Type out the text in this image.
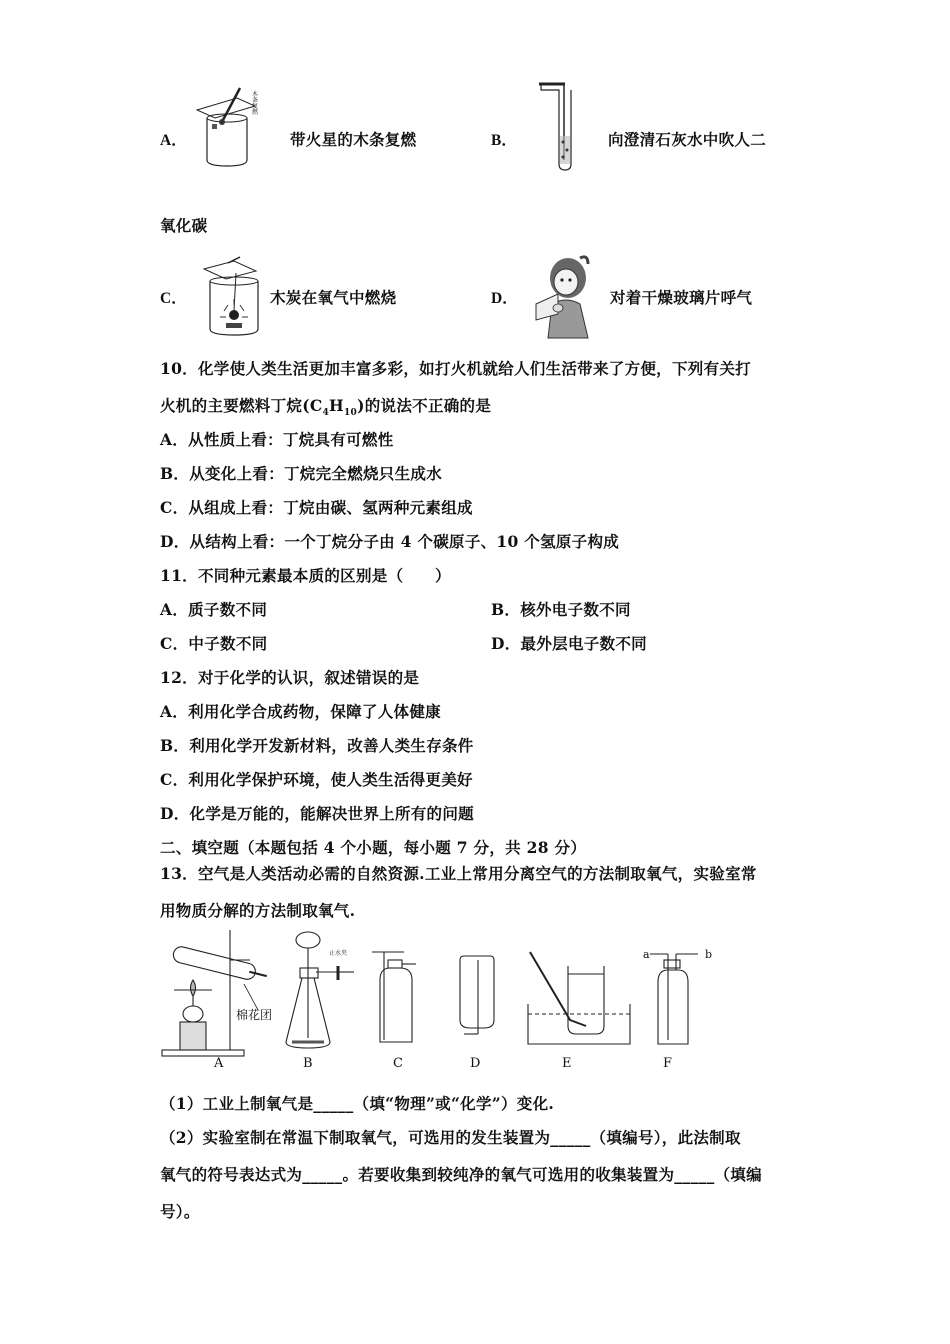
A．
木条复燃
带火星的木条复燃	B．	向澄清石灰水中吹人二
氧化碳
C．	木炭在氧气中燃烧	D．	对着干燥玻璃片呼气
10．化学使人类生活更加丰富多彩，如打火机就给人们生活带来了方便，下列有关打
火机的主要燃料丁烷$(C_4H_{10})$的说法不正确的是
A．从性质上看：丁烷具有可燃性
B．从变化上看：丁烷完全燃烧只生成水
C．从组成上看：丁烷由碳、氢两种元素组成
D．从结构上看：一个丁烷分子由 4 个碳原子、10 个氢原子构成
11．不同种元素最本质的区别是（　　）
A．质子数不同	B．核外电子数不同
C．中子数不同	D．最外层电子数不同
12．对于化学的认识，叙述错误的是
A．利用化学合成药物，保障了人体健康
B．利用化学开发新材料，改善人类生存条件
C．利用化学保护环境，使人类生活得更美好
D．化学是万能的，能解决世界上所有的问题
二、填空题（本题包括 4 个小题，每小题 7 分，共 28 分）
13．空气是人类活动必需的自然资源.工业上常用分离空气的方法制取氧气，实验室常
用物质分解的方法制取氧气.
棉花团
止水夹	a	b
A	B	C	D	E	F
（1）工业上制氧气是_____（填“物理”或“化学”）变化.
（2）实验室制在常温下制取氧气，可选用的发生装置为_____（填编号），此法制取
氧气的符号表达式为_____。若要收集到较纯净的氧气可选用的收集装置为_____（填编
号）。
